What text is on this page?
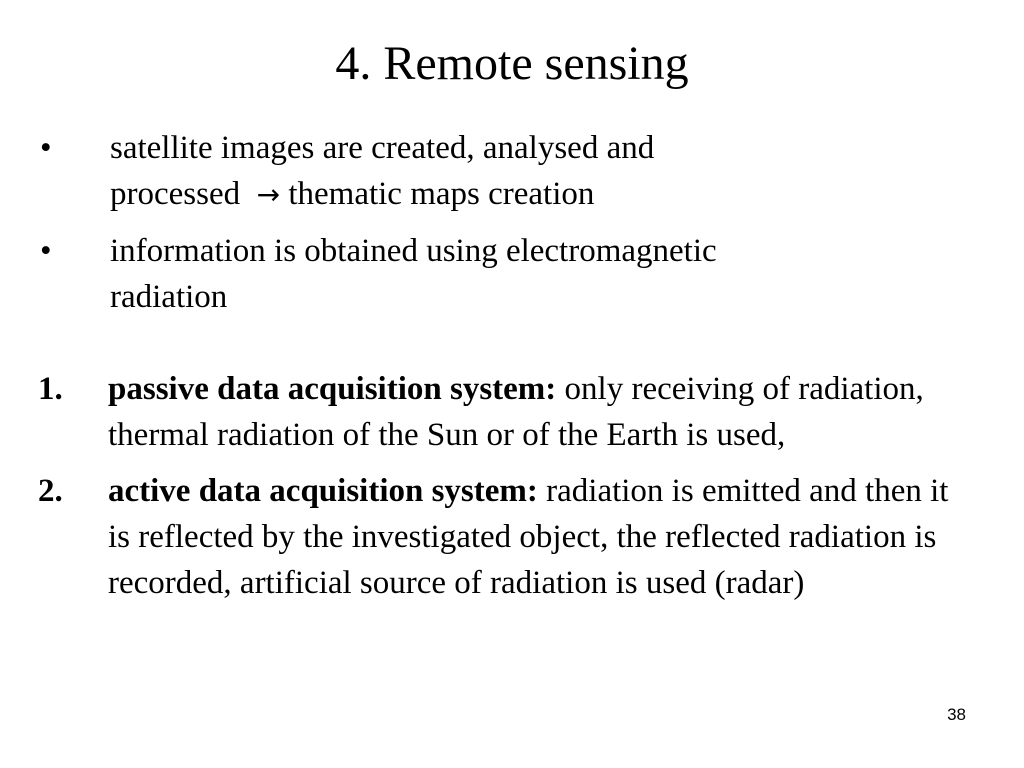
4. Remote sensing
•	satellite images are created, analysed and
processed  → thematic maps creation
•	information is obtained using electromagnetic
radiation
1.	passive data acquisition system: only receiving of radiation, thermal radiation of the Sun or of the Earth is used,
2.	active data acquisition system: radiation is emitted and then it is reflected by the investigated object, the reflected radiation is recorded, artificial source of radiation is used (radar)
38
